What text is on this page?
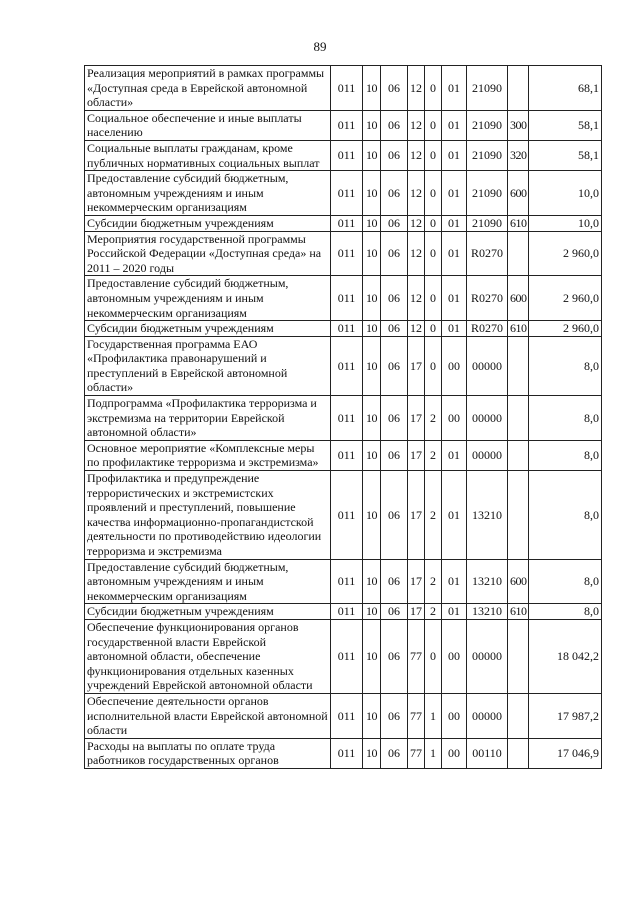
89
Реализация мероприятий в рамках программы «Доступная среда в Еврейской автономной области»	011	10	06	12	0	01	21090		68,1
Социальное обеспечение и иные выплаты населению	011	10	06	12	0	01	21090	300	58,1
Социальные выплаты гражданам, кроме публичных нормативных социальных выплат	011	10	06	12	0	01	21090	320	58,1
Предоставление субсидий бюджетным, автономным учреждениям и иным некоммерческим организациям	011	10	06	12	0	01	21090	600	10,0
Субсидии бюджетным учреждениям	011	10	06	12	0	01	21090	610	10,0
Мероприятия государственной программы Российской Федерации «Доступная среда» на 2011 – 2020 годы	011	10	06	12	0	01	R0270		2 960,0
Предоставление субсидий бюджетным, автономным учреждениям и иным некоммерческим организациям	011	10	06	12	0	01	R0270	600	2 960,0
Субсидии бюджетным учреждениям	011	10	06	12	0	01	R0270	610	2 960,0
Государственная программа ЕАО «Профилактика правонарушений и преступлений в Еврейской автономной области»	011	10	06	17	0	00	00000		8,0
Подпрограмма «Профилактика терроризма и экстремизма на территории Еврейской автономной области»	011	10	06	17	2	00	00000		8,0
Основное мероприятие «Комплексные меры по профилактике терроризма и экстремизма»	011	10	06	17	2	01	00000		8,0
Профилактика и предупреждение террористических и экстремистских проявлений и преступлений, повышение качества информационно-пропагандистской деятельности по противодействию идеологии терроризма и экстремизма	011	10	06	17	2	01	13210		8,0
Предоставление субсидий бюджетным, автономным учреждениям и иным некоммерческим организациям	011	10	06	17	2	01	13210	600	8,0
Субсидии бюджетным учреждениям	011	10	06	17	2	01	13210	610	8,0
Обеспечение функционирования органов государственной власти Еврейской автономной области, обеспечение функционирования отдельных казенных учреждений Еврейской автономной области	011	10	06	77	0	00	00000		18 042,2
Обеспечение деятельности органов исполнительной власти Еврейской автономной области	011	10	06	77	1	00	00000		17 987,2
Расходы на выплаты по оплате труда работников государственных органов	011	10	06	77	1	00	00110		17 046,9
